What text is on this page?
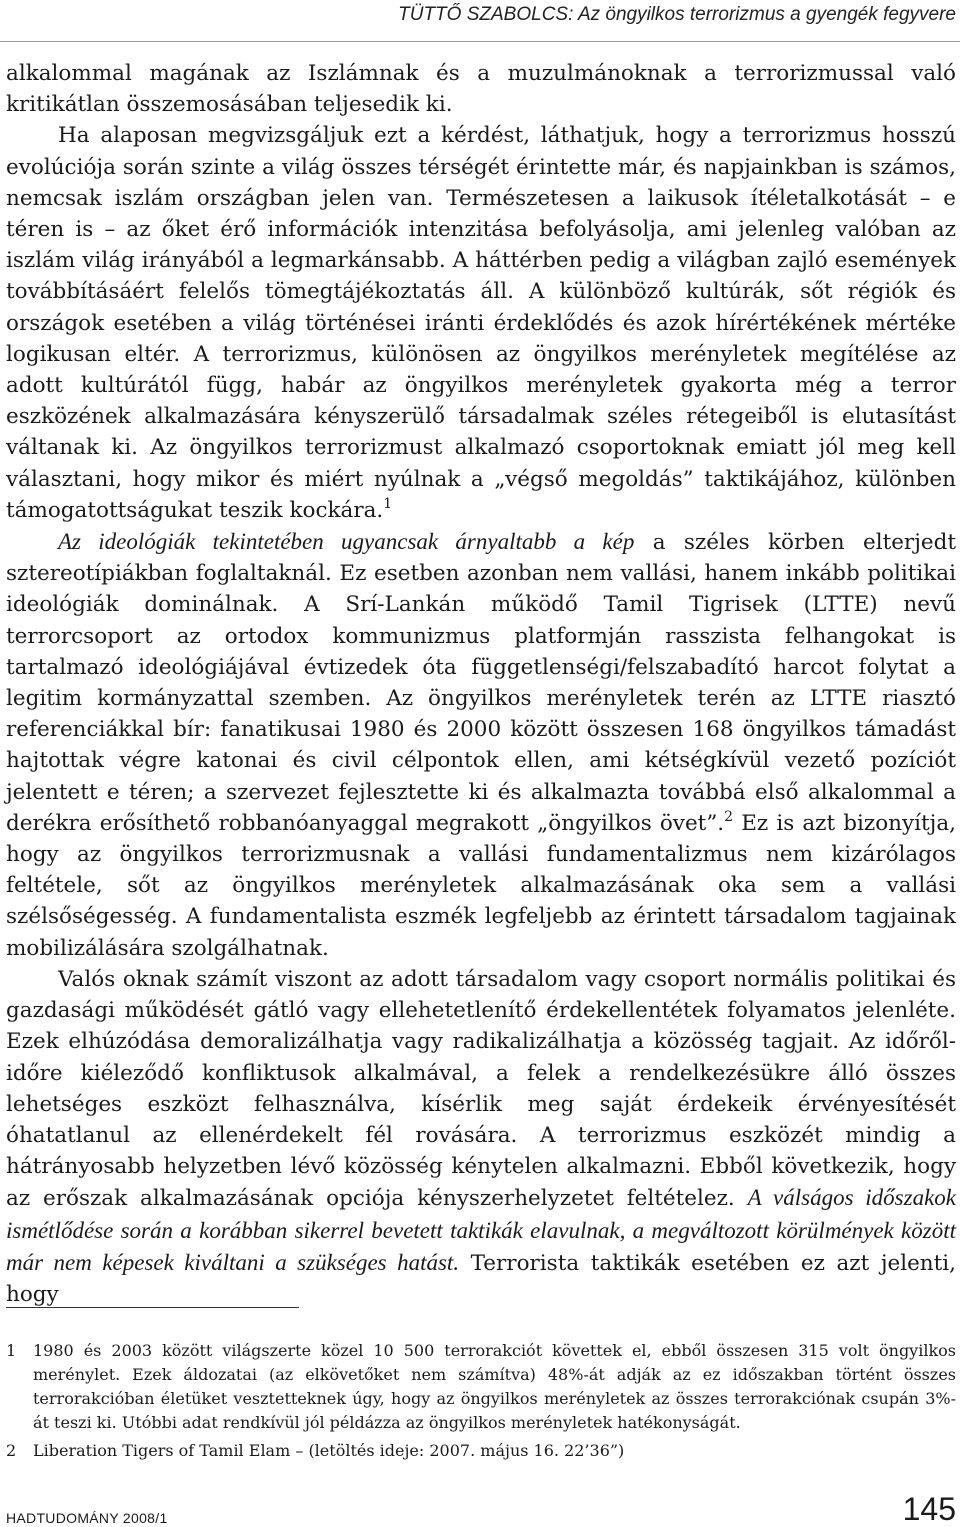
TÜTTŐ SZABOLCS: Az öngyilkos terrorizmus a gyengék fegyvere

alkalommal magának az Iszlámnak és a muzulmánoknak a terrorizmussal való kritikátlan összemosásában teljesedik ki.

Ha alaposan megvizsgáljuk ezt a kérdést, láthatjuk, hogy a terrorizmus hosszú evolúciója során szinte a világ összes térségét érintette már, és napjainkban is számos, nemcsak iszlám országban jelen van. Természetesen a laikusok ítéletalkotását – e téren is – az őket érő információk intenzitása befolyásolja, ami jelenleg valóban az iszlám világ irányából a legmarkánsabb. A háttérben pedig a világban zajló események továbbításáért felelős tömegtájékoztatás áll. A különböző kultúrák, sőt régiók és országok esetében a világ történései iránti érdeklődés és azok hírértékének mértéke logikusan eltér. A terrorizmus, különösen az öngyilkos merényletek megítélése az adott kultúrától függ, habár az öngyilkos merényletek gyakorta még a terror eszközének alkalmazására kényszerülő társadalmak széles rétegeiből is elutasítást váltanak ki. Az öngyilkos terrorizmust alkalmazó csoportoknak emiatt jól meg kell választani, hogy mikor és miért nyúlnak a „végső megoldás” taktikájához, különben támogatottságukat teszik kockára.$^1$

Az ideológiák tekintetében ugyancsak árnyaltabb a kép a széles körben elterjedt sztereotípiákban foglaltaknál. Ez esetben azonban nem vallási, hanem inkább politikai ideológiák dominálnak. A Srí-Lankán működő Tamil Tigrisek (LTTE) nevű terrorcsoport az ortodox kommunizmus platformján rasszista felhangokat is tartalmazó ideológiájával évtizedek óta függetlenségi/felszabadító harcot folytat a legitim kormányzattal szemben. Az öngyilkos merényletek terén az LTTE riasztó referenciákkal bír: fanatikusai 1980 és 2000 között összesen 168 öngyilkos támadást hajtottak végre katonai és civil célpontok ellen, ami kétségkívül vezető pozíciót jelentett e téren; a szervezet fejlesztette ki és alkalmazta továbbá első alkalommal a derékra erősíthető robbanóanyaggal megrakott „öngyilkos övet”.$^2$ Ez is azt bizonyítja, hogy az öngyilkos terrorizmusnak a vallási fundamentalizmus nem kizárólagos feltétele, sőt az öngyilkos merényletek alkalmazásának oka sem a vallási szélsőségesség. A fundamentalista eszmék legfeljebb az érintett társadalom tagjainak mobilizálására szolgálhatnak.

Valós oknak számít viszont az adott társadalom vagy csoport normális politikai és gazdasági működését gátló vagy ellehetetlenítő érdekellentétek folyamatos jelenléte. Ezek elhúzódása demoralizálhatja vagy radikalizálhatja a közösség tagjait. Az időről-időre kiéleződő konfliktusok alkalmával, a felek a rendelkezésükre álló összes lehetséges eszközt felhasználva, kísérlik meg saját érdekeik érvényesítését óhatatlanul az ellenérdekelt fél rovására. A terrorizmus eszközét mindig a hátrányosabb helyzetben lévő közösség kénytelen alkalmazni. Ebből következik, hogy az erőszak alkalmazásának opciója kényszerhelyzetet feltételez. A válságos időszakok ismétlődése során a korábban sikerrel bevetett taktikák elavulnak, a megváltozott körülmények között már nem képesek kiváltani a szükséges hatást. Terrorista taktikák esetében ez azt jelenti, hogy

1	1980 és 2003 között világszerte közel 10 500 terrorakciót követtek el, ebből összesen 315 volt öngyilkos merénylet. Ezek áldozatai (az elkövetőket nem számítva) 48%-át adják az ez időszakban történt összes terrorakcióban életüket vesztetteknek úgy, hogy az öngyilkos merényletek az összes terrorakciónak csupán 3%-át teszi ki. Utóbbi adat rendkívül jól példázza az öngyilkos merényletek hatékonyságát.
2	Liberation Tigers of Tamil Elam – (letöltés ideje: 2007. május 16. 22’36”)
HADTUDOMÁNY 2008/1	145
